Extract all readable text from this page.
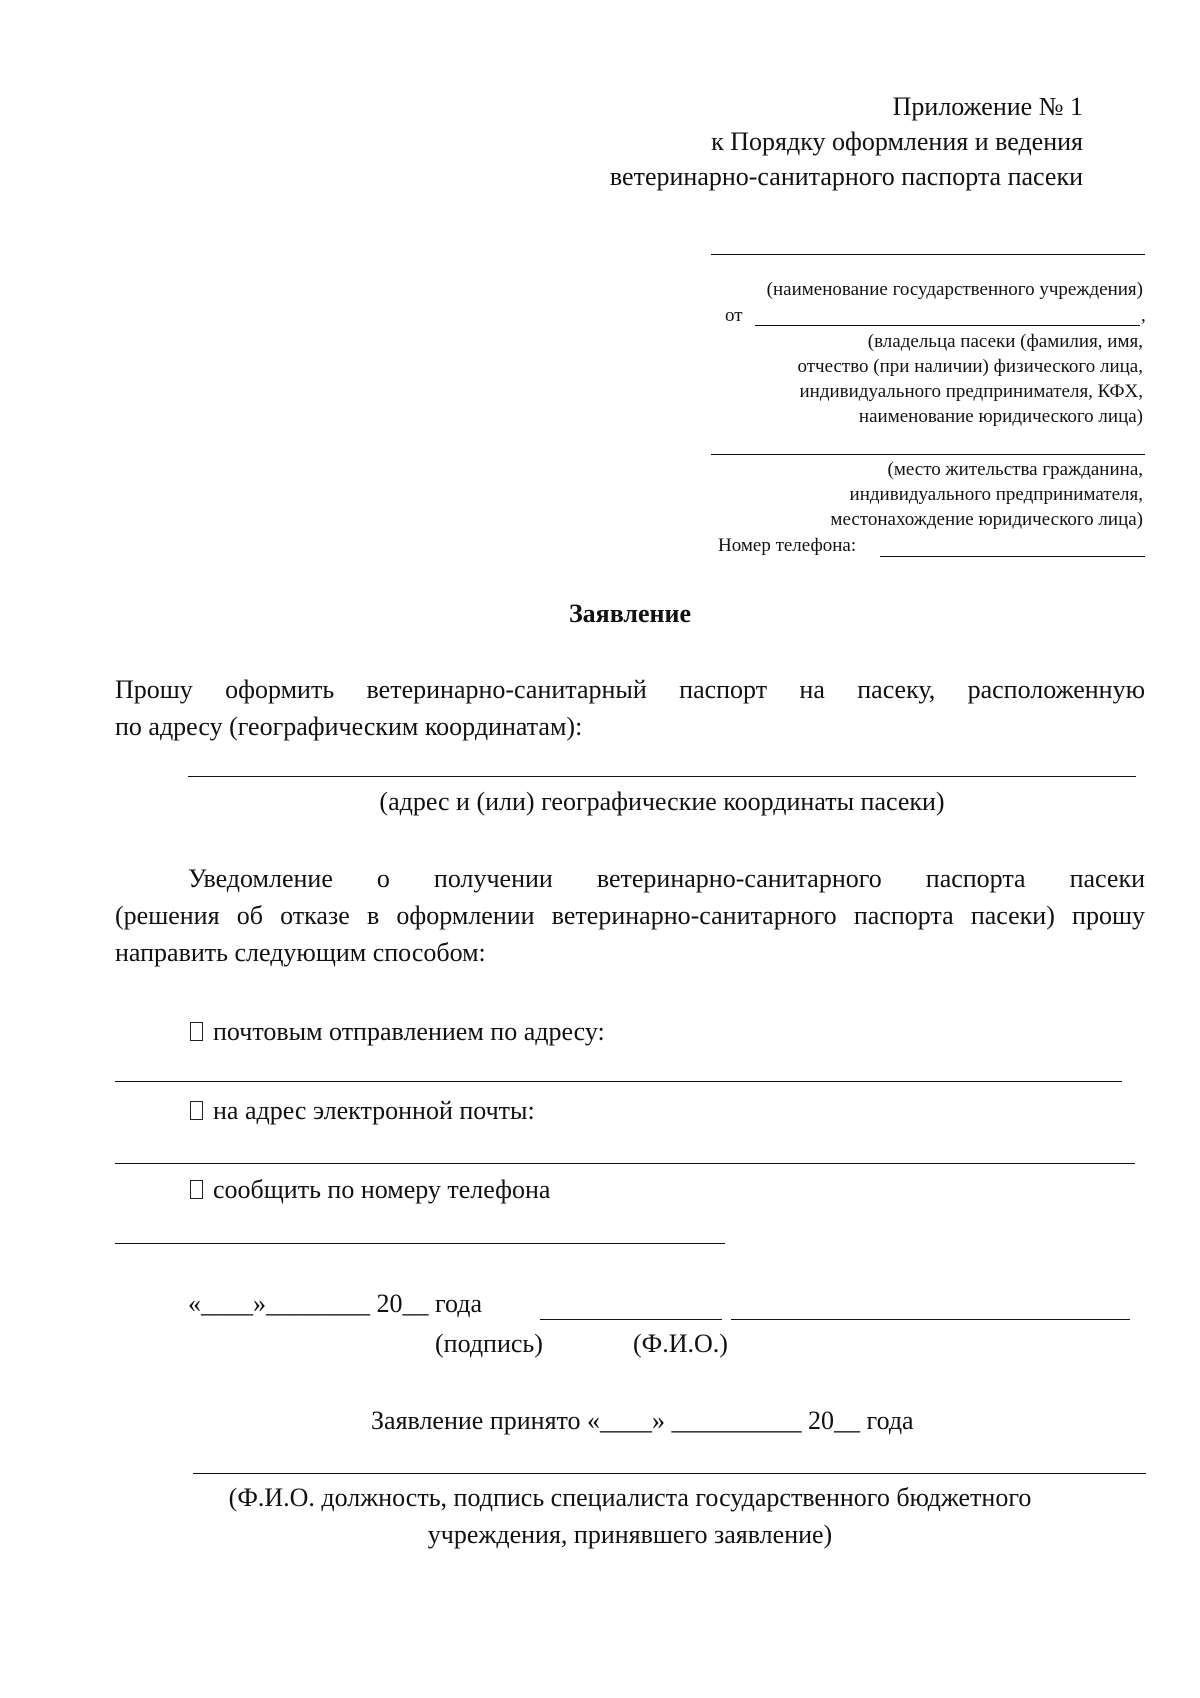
Приложение № 1
к Порядку оформления и ведения
ветеринарно-санитарного паспорта пасеки
(наименование государственного учреждения)
от	,
(владельца пасеки (фамилия, имя,
отчество (при наличии) физического лица,
индивидуального предпринимателя, КФХ,
наименование юридического лица)
(место жительства гражданина,
индивидуального предпринимателя,
местонахождение юридического лица)
Номер телефона:
Заявление
Прошу оформить ветеринарно-санитарный паспорт на пасеку, расположенную
по адресу (географическим координатам):
(адрес и (или) географические координаты пасеки)
Уведомление о получении ветеринарно-санитарного паспорта пасеки
(решения об отказе в оформлении ветеринарно-санитарного паспорта пасеки) прошу
направить следующим способом:
почтовым отправлением по адресу:
на адрес электронной почты:
сообщить по номеру телефона
«____»________ 20__ года
(подпись)	(Ф.И.О.)
Заявление принято «____» __________ 20__ года
(Ф.И.О. должность, подпись специалиста государственного бюджетного
учреждения, принявшего заявление)
